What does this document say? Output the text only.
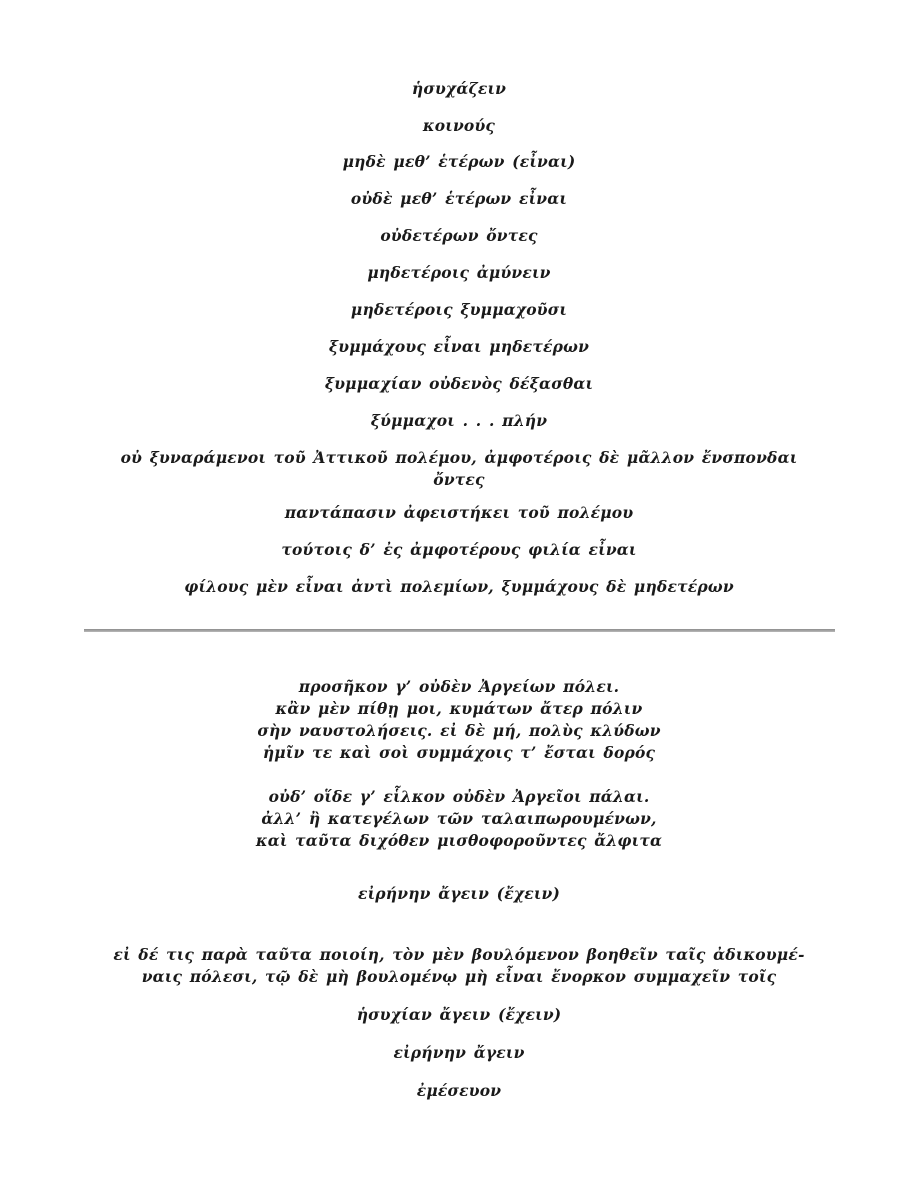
ἡσυχάζειν
κοινούς
μηδὲ μεθ’ ἑτέρων (εἶναι)
οὐδὲ μεθ’ ἑτέρων εἶναι
οὐδετέρων ὄντες
μηδετέροις ἀμύνειν
μηδετέροις ξυμμαχοῦσι
ξυμμάχους εἶναι μηδετέρων
ξυμμαχίαν οὐδενὸς δέξασθαι
ξύμμαχοι . . . πλήν
οὐ ξυναράμενοι τοῦ Ἀττικοῦ πολέμου, ἀμφοτέροις δὲ μᾶλλον ἔνσπονδαι
ὄντες
παντάπασιν ἀφειστήκει τοῦ πολέμου
τούτοις δ’ ἐς ἀμφοτέρους φιλία εἶναι
φίλους μὲν εἶναι ἀντὶ πολεμίων, ξυμμάχους δὲ μηδετέρων
προσῆκον γ’ οὐδὲν Ἀργείων πόλει.
κἂν μὲν πίθῃ μοι, κυμάτων ἄτερ πόλιν
σὴν ναυστολήσεις. εἰ δὲ μή, πολὺς κλύδων
ἡμῖν τε καὶ σοὶ συμμάχοις τ’ ἔσται δορός
οὐδ’ οἵδε γ’ εἷλκον οὐδὲν Ἀργεῖοι πάλαι.
ἀλλ’ ἢ κατεγέλων τῶν ταλαιπωρουμένων,
καὶ ταῦτα διχόθεν μισθοφοροῦντες ἄλφιτα
εἰρήνην ἄγειν (ἔχειν)
εἰ δέ τις παρὰ ταῦτα ποιοίη, τὸν μὲν βουλόμενον βοηθεῖν ταῖς ἀδικουμέ-
ναις πόλεσι, τῷ δὲ μὴ βουλομένῳ μὴ εἶναι ἔνορκον συμμαχεῖν τοῖς
ἡσυχίαν ἄγειν (ἔχειν)
εἰρήνην ἄγειν
ἐμέσευον
